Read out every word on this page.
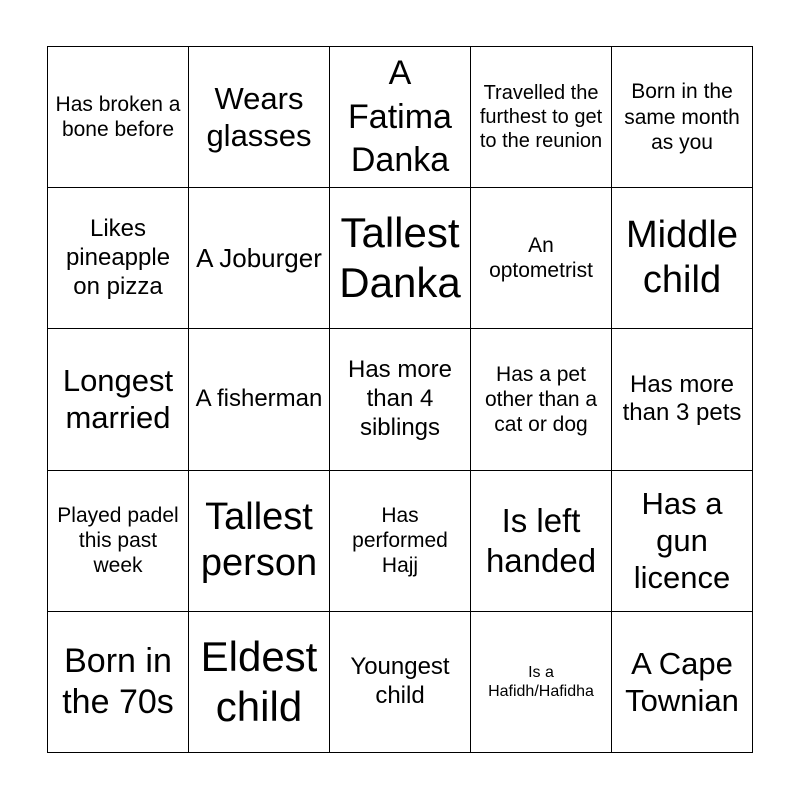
Has broken a bone before
Wears glasses
A Fatima Danka
Travelled the furthest to get to the reunion
Born in the same month as you
Likes pineapple on pizza
A Joburger
Tallest Danka
An optometrist
Middle child
Longest married
A fisherman
Has more than 4 siblings
Has a pet other than a cat or dog
Has more than 3 pets
Played padel this past week
Tallest person
Has performed Hajj
Is left handed
Has a gun licence
Born in the 70s
Eldest child
Youngest child
Is a Hafidh/Hafidha
A Cape Townian
